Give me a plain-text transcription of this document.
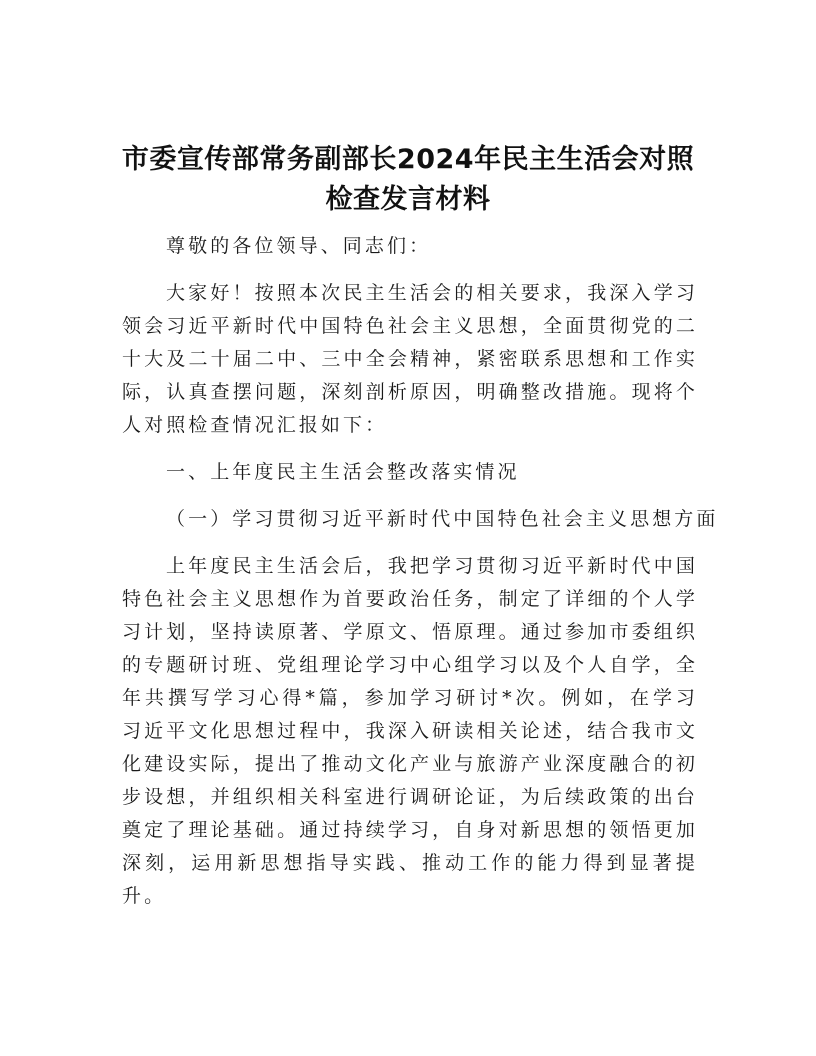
市委宣传部常务副部长2024年民主生活会对照
检查发言材料

尊敬的各位领导、同志们：

大家好！按照本次民主生活会的相关要求，我深入学习领会习近平新时代中国特色社会主义思想，全面贯彻党的二十大及二十届二中、三中全会精神，紧密联系思想和工作实际，认真查摆问题，深刻剖析原因，明确整改措施。现将个人对照检查情况汇报如下：

一、上年度民主生活会整改落实情况

（一）学习贯彻习近平新时代中国特色社会主义思想方面

上年度民主生活会后，我把学习贯彻习近平新时代中国特色社会主义思想作为首要政治任务，制定了详细的个人学习计划，坚持读原著、学原文、悟原理。通过参加市委组织的专题研讨班、党组理论学习中心组学习以及个人自学，全年共撰写学习心得*篇，参加学习研讨*次。例如，在学习习近平文化思想过程中，我深入研读相关论述，结合我市文化建设实际，提出了推动文化产业与旅游产业深度融合的初步设想，并组织相关科室进行调研论证，为后续政策的出台奠定了理论基础。通过持续学习，自身对新思想的领悟更加深刻，运用新思想指导实践、推动工作的能力得到显著提升。
